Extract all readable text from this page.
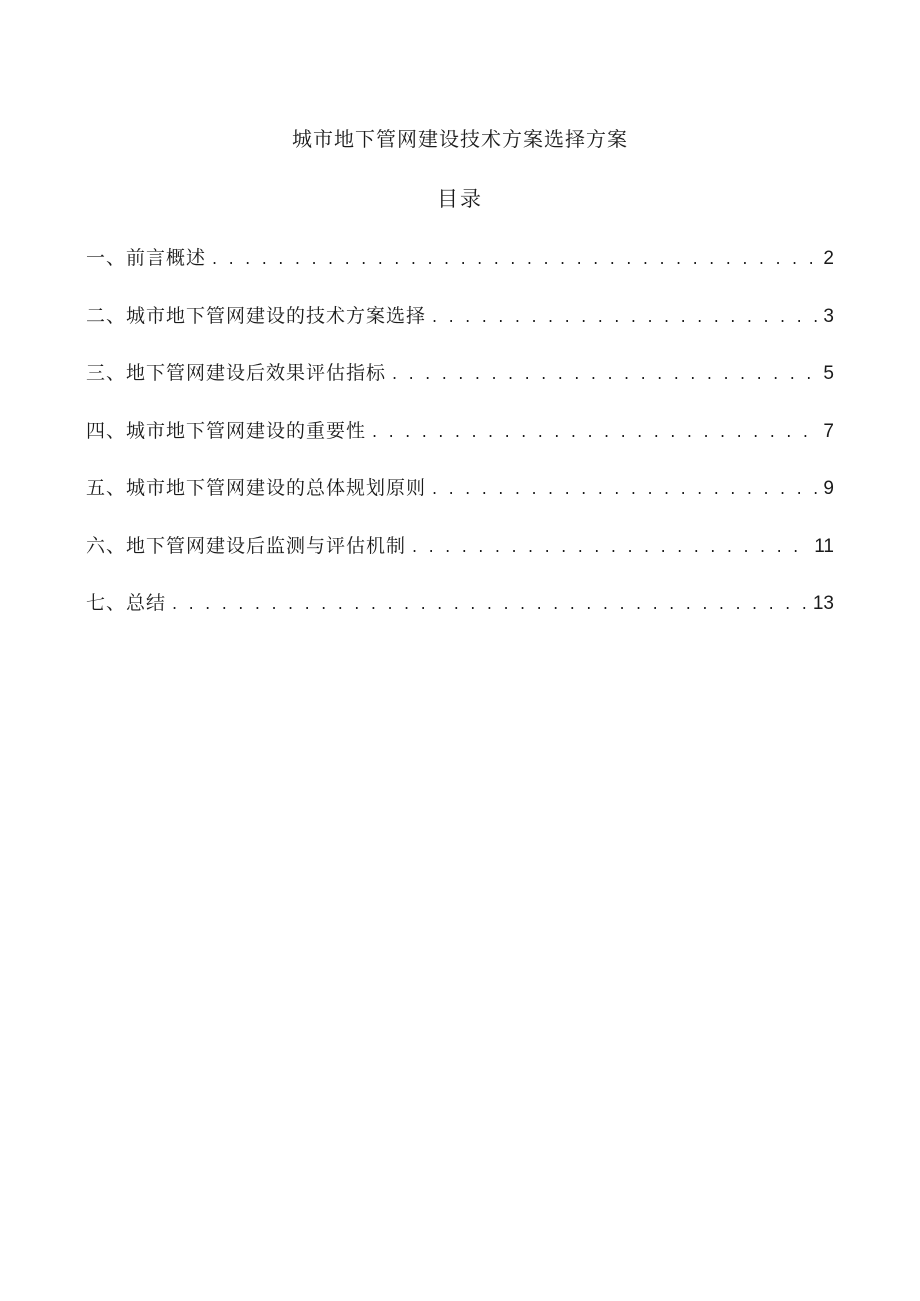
城市地下管网建设技术方案选择方案
目录
一、前言概述 . . .	2
二、城市地下管网建设的技术方案选择 . . .	3
三、地下管网建设后效果评估指标 . . .	5
四、城市地下管网建设的重要性 . . .	7
五、城市地下管网建设的总体规划原则 . . .	9
六、地下管网建设后监测与评估机制 . . .	11
七、总结 . . .	13
